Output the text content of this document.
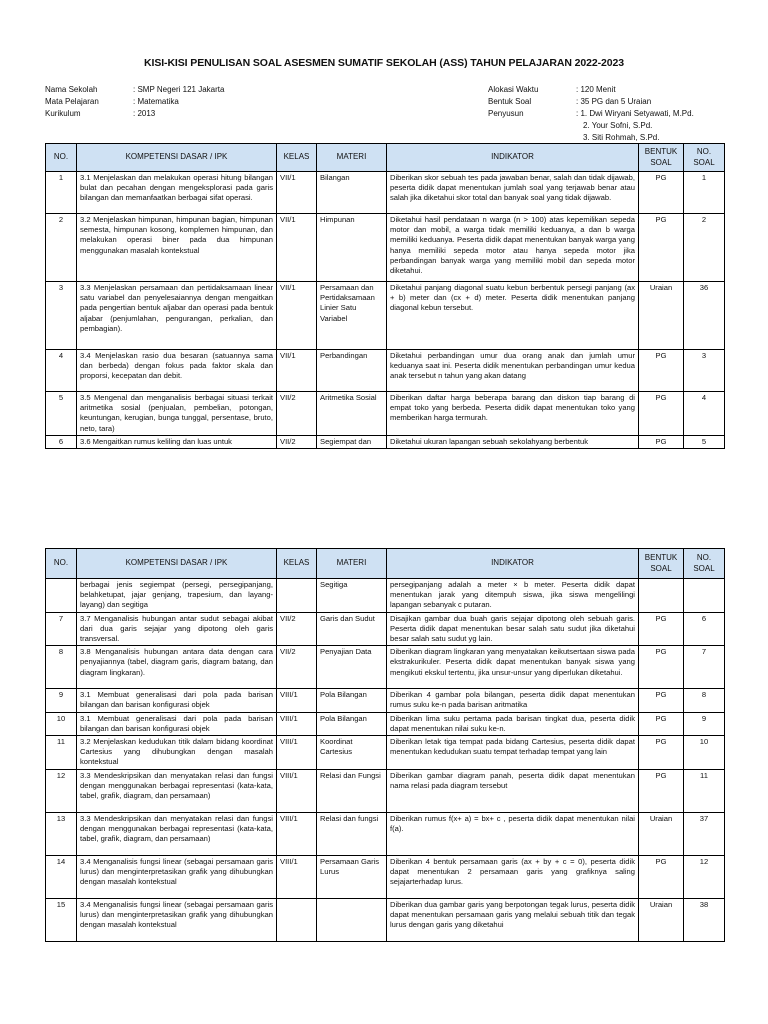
KISI-KISI PENULISAN SOAL ASESMEN SUMATIF SEKOLAH (ASS) TAHUN PELAJARAN 2022-2023
Nama Sekolah	: SMP Negeri 121 Jakarta
Mata Pelajaran	: Matematika
Kurikulum	: 2013
Alokasi Waktu	: 120 Menit
Bentuk Soal	: 35 PG dan 5 Uraian
Penyusun	: 1. Dwi Wiryani Setyawati, M.Pd.
2. Your Sofni, S.Pd.
3. Siti Rohmah, S.Pd.
NO.	KOMPETENSI DASAR / IPK	KELAS	MATERI	INDIKATOR	BENTUK SOAL	NO. SOAL
1	3.1 Menjelaskan dan melakukan operasi hitung bilangan bulat dan pecahan dengan mengeksplorasi pada garis bilangan dan memanfaatkan berbagai sifat operasi.	VII/1	Bilangan	Diberikan skor sebuah tes pada jawaban benar, salah dan tidak dijawab, peserta didik dapat menentukan jumlah soal yang terjawab benar atau salah jika diketahui skor total dan banyak soal yang tidak dijawab.	PG	1
2	3.2 Menjelaskan himpunan, himpunan bagian, himpunan semesta, himpunan kosong, komplemen himpunan, dan melakukan operasi biner pada dua himpunan menggunakan masalah kontekstual	VII/1	Himpunan	Diketahui hasil pendataan n warga (n > 100) atas kepemilikan sepeda motor dan mobil, a warga tidak memiliki keduanya, a dan b warga memiliki keduanya. Peserta didik dapat menentukan banyak warga yang hanya memiliki sepeda motor atau hanya sepeda motor jika perbandingan banyak warga yang memiliki mobil dan sepeda motor diketahui.	PG	2
3	3.3 Menjelaskan persamaan dan pertidaksamaan linear satu variabel dan penyelesaiannya dengan mengaitkan pada pengertian bentuk aljabar dan operasi pada bentuk aljabar (penjumlahan, pengurangan, perkalian, dan pembagian).	VII/1	Persamaan dan Pertidaksamaan Linier Satu Variabel	Diketahui panjang diagonal suatu kebun berbentuk persegi panjang (ax + b) meter dan (cx + d) meter. Peserta didik menentukan panjang diagonal kebun tersebut.	Uraian	36
4	3.4 Menjelaskan rasio dua besaran (satuannya sama dan berbeda) dengan fokus pada faktor skala dan proporsi, kecepatan dan debit.	VII/1	Perbandingan	Diketahui perbandingan umur dua orang anak dan jumlah umur keduanya saat ini. Peserta didik menentukan perbandingan umur kedua anak tersebut n tahun yang akan datang	PG	3
5	3.5 Mengenal dan menganalisis berbagai situasi terkait aritmetika sosial (penjualan, pembelian, potongan, keuntungan, kerugian, bunga tunggal, persentase, bruto, neto, tara)	VII/2	Aritmetika Sosial	Diberikan daftar harga beberapa barang dan diskon tiap barang di empat toko yang berbeda. Peserta didik dapat menentukan toko yang memberikan harga termurah.	PG	4
6	3.6 Mengaitkan rumus keliling dan luas untuk	VII/2	Segiempat dan	Diketahui ukuran lapangan sebuah sekolahyang berbentuk	PG	5
NO.	KOMPETENSI DASAR / IPK	KELAS	MATERI	INDIKATOR	BENTUK SOAL	NO. SOAL
	berbagai jenis segiempat (persegi, persegipanjang, belahketupat, jajar genjang, trapesium, dan layang-layang) dan segitiga		Segitiga	persegipanjang adalah a meter × b meter. Peserta didik dapat menentukan jarak yang ditempuh siswa, jika siswa mengelilingi lapangan sebanyak c putaran.		
7	3.7 Menganalisis hubungan antar sudut sebagai akibat dari dua garis sejajar yang dipotong oleh garis transversal.	VII/2	Garis dan Sudut	Disajikan gambar dua buah garis sejajar dipotong oleh sebuah garis. Peserta didik dapat menentukan besar salah satu sudut jika diketahui besar salah satu sudut yg lain.	PG	6
8	3.8 Menganalisis hubungan antara data dengan cara penyajiannya (tabel, diagram garis, diagram batang, dan diagram lingkaran).	VII/2	Penyajian Data	Diberikan diagram lingkaran yang menyatakan keikutsertaan siswa pada ekstrakurikuler. Peserta didik dapat menentukan banyak siswa yang mengikuti ekskul tertentu, jika unsur-unsur yang diperlukan diketahui.	PG	7
9	3.1 Membuat generalisasi dari pola pada barisan bilangan dan barisan konfigurasi objek	VIII/1	Pola Bilangan	Diberikan 4 gambar pola bilangan, peserta didik dapat menentukan rumus suku ke-n pada barisan aritmatika	PG	8
10	3.1 Membuat generalisasi dari pola pada barisan bilangan dan barisan konfigurasi objek	VIII/1	Pola Bilangan	Diberikan lima suku pertama pada barisan tingkat dua, peserta didik dapat menentukan nilai suku ke-n.	PG	9
11	3.2 Menjelaskan kedudukan titik dalam bidang koordinat Cartesius yang dihubungkan dengan masalah kontekstual	VIII/1	Koordinat Cartesius	Diberikan letak tiga tempat pada bidang Cartesius, peserta didik dapat menentukan kedudukan suatu tempat terhadap tempat yang lain	PG	10
12	3.3 Mendeskripsikan dan menyatakan relasi dan fungsi dengan menggunakan berbagai representasi (kata-kata, tabel, grafik, diagram, dan persamaan)	VIII/1	Relasi dan Fungsi	Diberikan gambar diagram panah, peserta didik dapat menentukan nama relasi pada diagram tersebut	PG	11
13	3.3 Mendeskripsikan dan menyatakan relasi dan fungsi dengan menggunakan berbagai representasi (kata-kata, tabel, grafik, diagram, dan persamaan)	VIII/1	Relasi dan fungsi	Diberikan rumus f(x+ a) = bx+ c , peserta didik dapat menentukan nilai f(a).	Uraian	37
14	3.4 Menganalisis fungsi linear (sebagai persamaan garis lurus) dan menginterpretasikan grafik yang dihubungkan dengan masalah kontekstual	VIII/1	Persamaan Garis Lurus	Diberikan 4 bentuk persamaan garis (ax + by + c = 0), peserta didik dapat menentukan 2 persamaan garis yang grafiknya saling sejajarterhadap lurus.	PG	12
15	3.4 Menganalisis fungsi linear (sebagai persamaan garis lurus) dan menginterpretasikan grafik yang dihubungkan dengan masalah kontekstual			Diberikan dua gambar garis yang berpotongan tegak lurus, peserta didik dapat menentukan persamaan garis yang melalui sebuah titik dan tegak lurus dengan garis yang diketahui	Uraian	38
